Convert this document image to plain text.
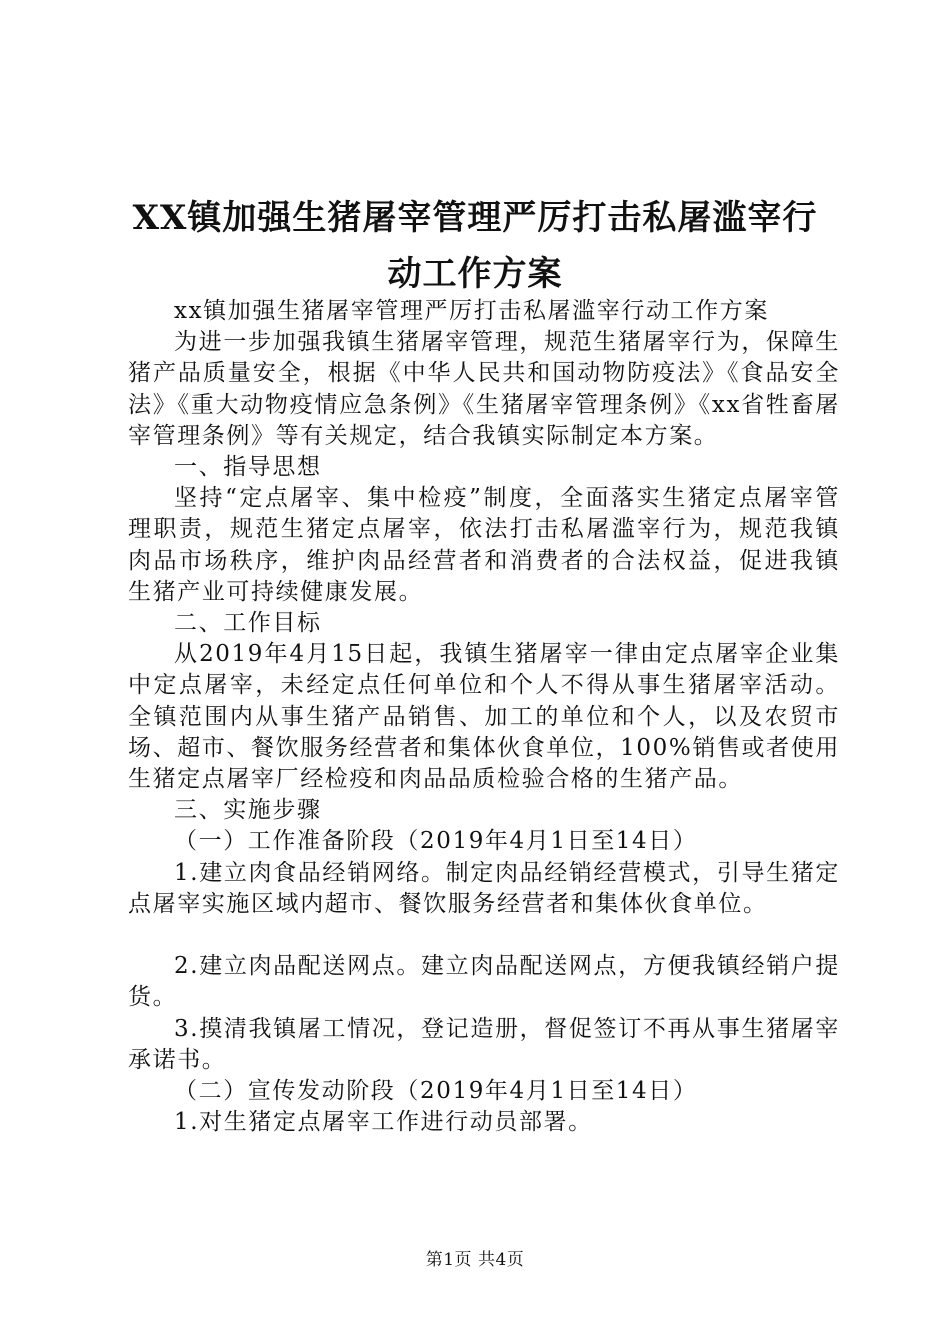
XX镇加强生猪屠宰管理严厉打击私屠滥宰行
动工作方案

xx镇加强生猪屠宰管理严厉打击私屠滥宰行动工作方案

为进一步加强我镇生猪屠宰管理，规范生猪屠宰行为，保障生猪产品质量安全，根据《中华人民共和国动物防疫法》《食品安全法》《重大动物疫情应急条例》《生猪屠宰管理条例》《xx省牲畜屠宰管理条例》等有关规定，结合我镇实际制定本方案。

一、指导思想

坚持“定点屠宰、集中检疫”制度，全面落实生猪定点屠宰管理职责，规范生猪定点屠宰，依法打击私屠滥宰行为，规范我镇肉品市场秩序，维护肉品经营者和消费者的合法权益，促进我镇生猪产业可持续健康发展。

二、工作目标

从2019年4月15日起，我镇生猪屠宰一律由定点屠宰企业集中定点屠宰，未经定点任何单位和个人不得从事生猪屠宰活动。全镇范围内从事生猪产品销售、加工的单位和个人，以及农贸市场、超市、餐饮服务经营者和集体伙食单位，100%销售或者使用生猪定点屠宰厂经检疫和肉品品质检验合格的生猪产品。

三、实施步骤

（一）工作准备阶段（2019年4月1日至14日）

1.建立肉食品经销网络。制定肉品经销经营模式，引导生猪定点屠宰实施区域内超市、餐饮服务经营者和集体伙食单位。

2.建立肉品配送网点。建立肉品配送网点，方便我镇经销户提货。

3.摸清我镇屠工情况，登记造册，督促签订不再从事生猪屠宰承诺书。

（二）宣传发动阶段（2019年4月1日至14日）

1.对生猪定点屠宰工作进行动员部署。

第1页 共4页
